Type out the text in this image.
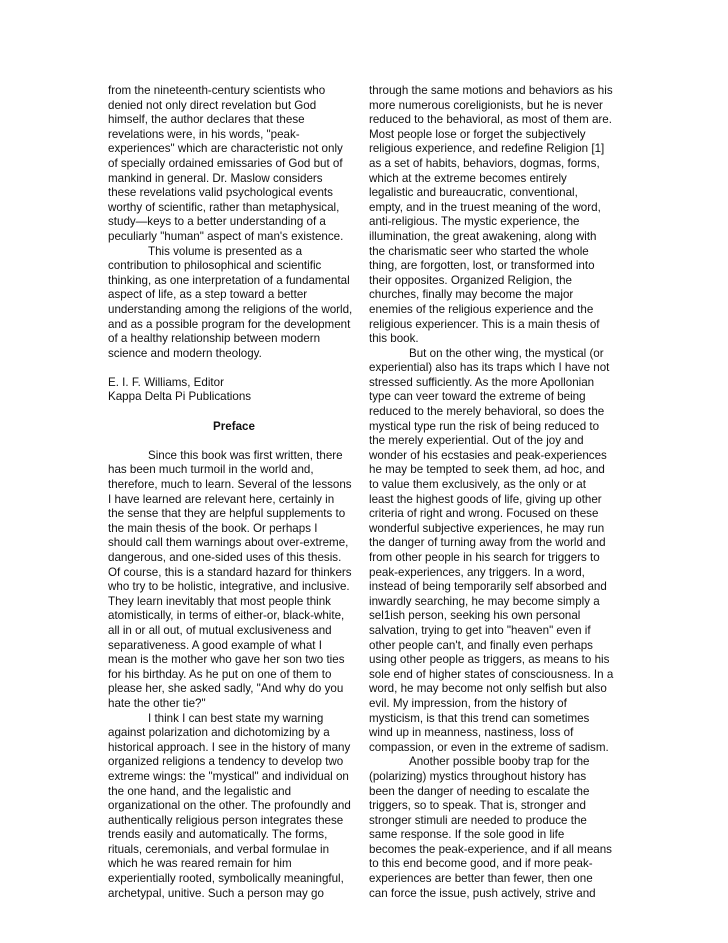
from the nineteenth-century scientists who
denied not only direct revelation but God
himself, the author declares that these
revelations were, in his words, "peak-
experiences" which are characteristic not only
of specially ordained emissaries of God but of
mankind in general. Dr. Maslow considers
these revelations valid psychological events
worthy of scientific, rather than metaphysical,
study—keys to a better understanding of a
peculiarly "human" aspect of man's existence.
This volume is presented as a
contribution to philosophical and scientific
thinking, as one interpretation of a fundamental
aspect of life, as a step toward a better
understanding among the religions of the world,
and as a possible program for the development
of a healthy relationship between modern
science and modern theology.
E. I. F. Williams, Editor
Kappa Delta Pi Publications
Preface
Since this book was first written, there
has been much turmoil in the world and,
therefore, much to learn. Several of the lessons
I have learned are relevant here, certainly in
the sense that they are helpful supplements to
the main thesis of the book. Or perhaps I
should call them warnings about over-extreme,
dangerous, and one-sided uses of this thesis.
Of course, this is a standard hazard for thinkers
who try to be holistic, integrative, and inclusive.
They learn inevitably that most people think
atomistically, in terms of either-or, black-white,
all in or all out, of mutual exclusiveness and
separativeness. A good example of what I
mean is the mother who gave her son two ties
for his birthday. As he put on one of them to
please her, she asked sadly, "And why do you
hate the other tie?"
I think I can best state my warning
against polarization and dichotomizing by a
historical approach. I see in the history of many
organized religions a tendency to develop two
extreme wings: the "mystical" and individual on
the one hand, and the legalistic and
organizational on the other. The profoundly and
authentically religious person integrates these
trends easily and automatically. The forms,
rituals, ceremonials, and verbal formulae in
which he was reared remain for him
experientially rooted, symbolically meaningful,
archetypal, unitive. Such a person may go
through the same motions and behaviors as his
more numerous coreligionists, but he is never
reduced to the behavioral, as most of them are.
Most people lose or forget the subjectively
religious experience, and redefine Religion [1]
as a set of habits, behaviors, dogmas, forms,
which at the extreme becomes entirely
legalistic and bureaucratic, conventional,
empty, and in the truest meaning of the word,
anti-religious. The mystic experience, the
illumination, the great awakening, along with
the charismatic seer who started the whole
thing, are forgotten, lost, or transformed into
their opposites. Organized Religion, the
churches, finally may become the major
enemies of the religious experience and the
religious experiencer. This is a main thesis of
this book.
But on the other wing, the mystical (or
experiential) also has its traps which I have not
stressed sufficiently. As the more Apollonian
type can veer toward the extreme of being
reduced to the merely behavioral, so does the
mystical type run the risk of being reduced to
the merely experiential. Out of the joy and
wonder of his ecstasies and peak-experiences
he may be tempted to seek them, ad hoc, and
to value them exclusively, as the only or at
least the highest goods of life, giving up other
criteria of right and wrong. Focused on these
wonderful subjective experiences, he may run
the danger of turning away from the world and
from other people in his search for triggers to
peak-experiences, any triggers. In a word,
instead of being temporarily self absorbed and
inwardly searching, he may become simply a
sel1ish person, seeking his own personal
salvation, trying to get into "heaven" even if
other people can't, and finally even perhaps
using other people as triggers, as means to his
sole end of higher states of consciousness. In a
word, he may become not only selfish but also
evil. My impression, from the history of
mysticism, is that this trend can sometimes
wind up in meanness, nastiness, loss of
compassion, or even in the extreme of sadism.
Another possible booby trap for the
(polarizing) mystics throughout history has
been the danger of needing to escalate the
triggers, so to speak. That is, stronger and
stronger stimuli are needed to produce the
same response. If the sole good in life
becomes the peak-experience, and if all means
to this end become good, and if more peak-
experiences are better than fewer, then one
can force the issue, push actively, strive and
